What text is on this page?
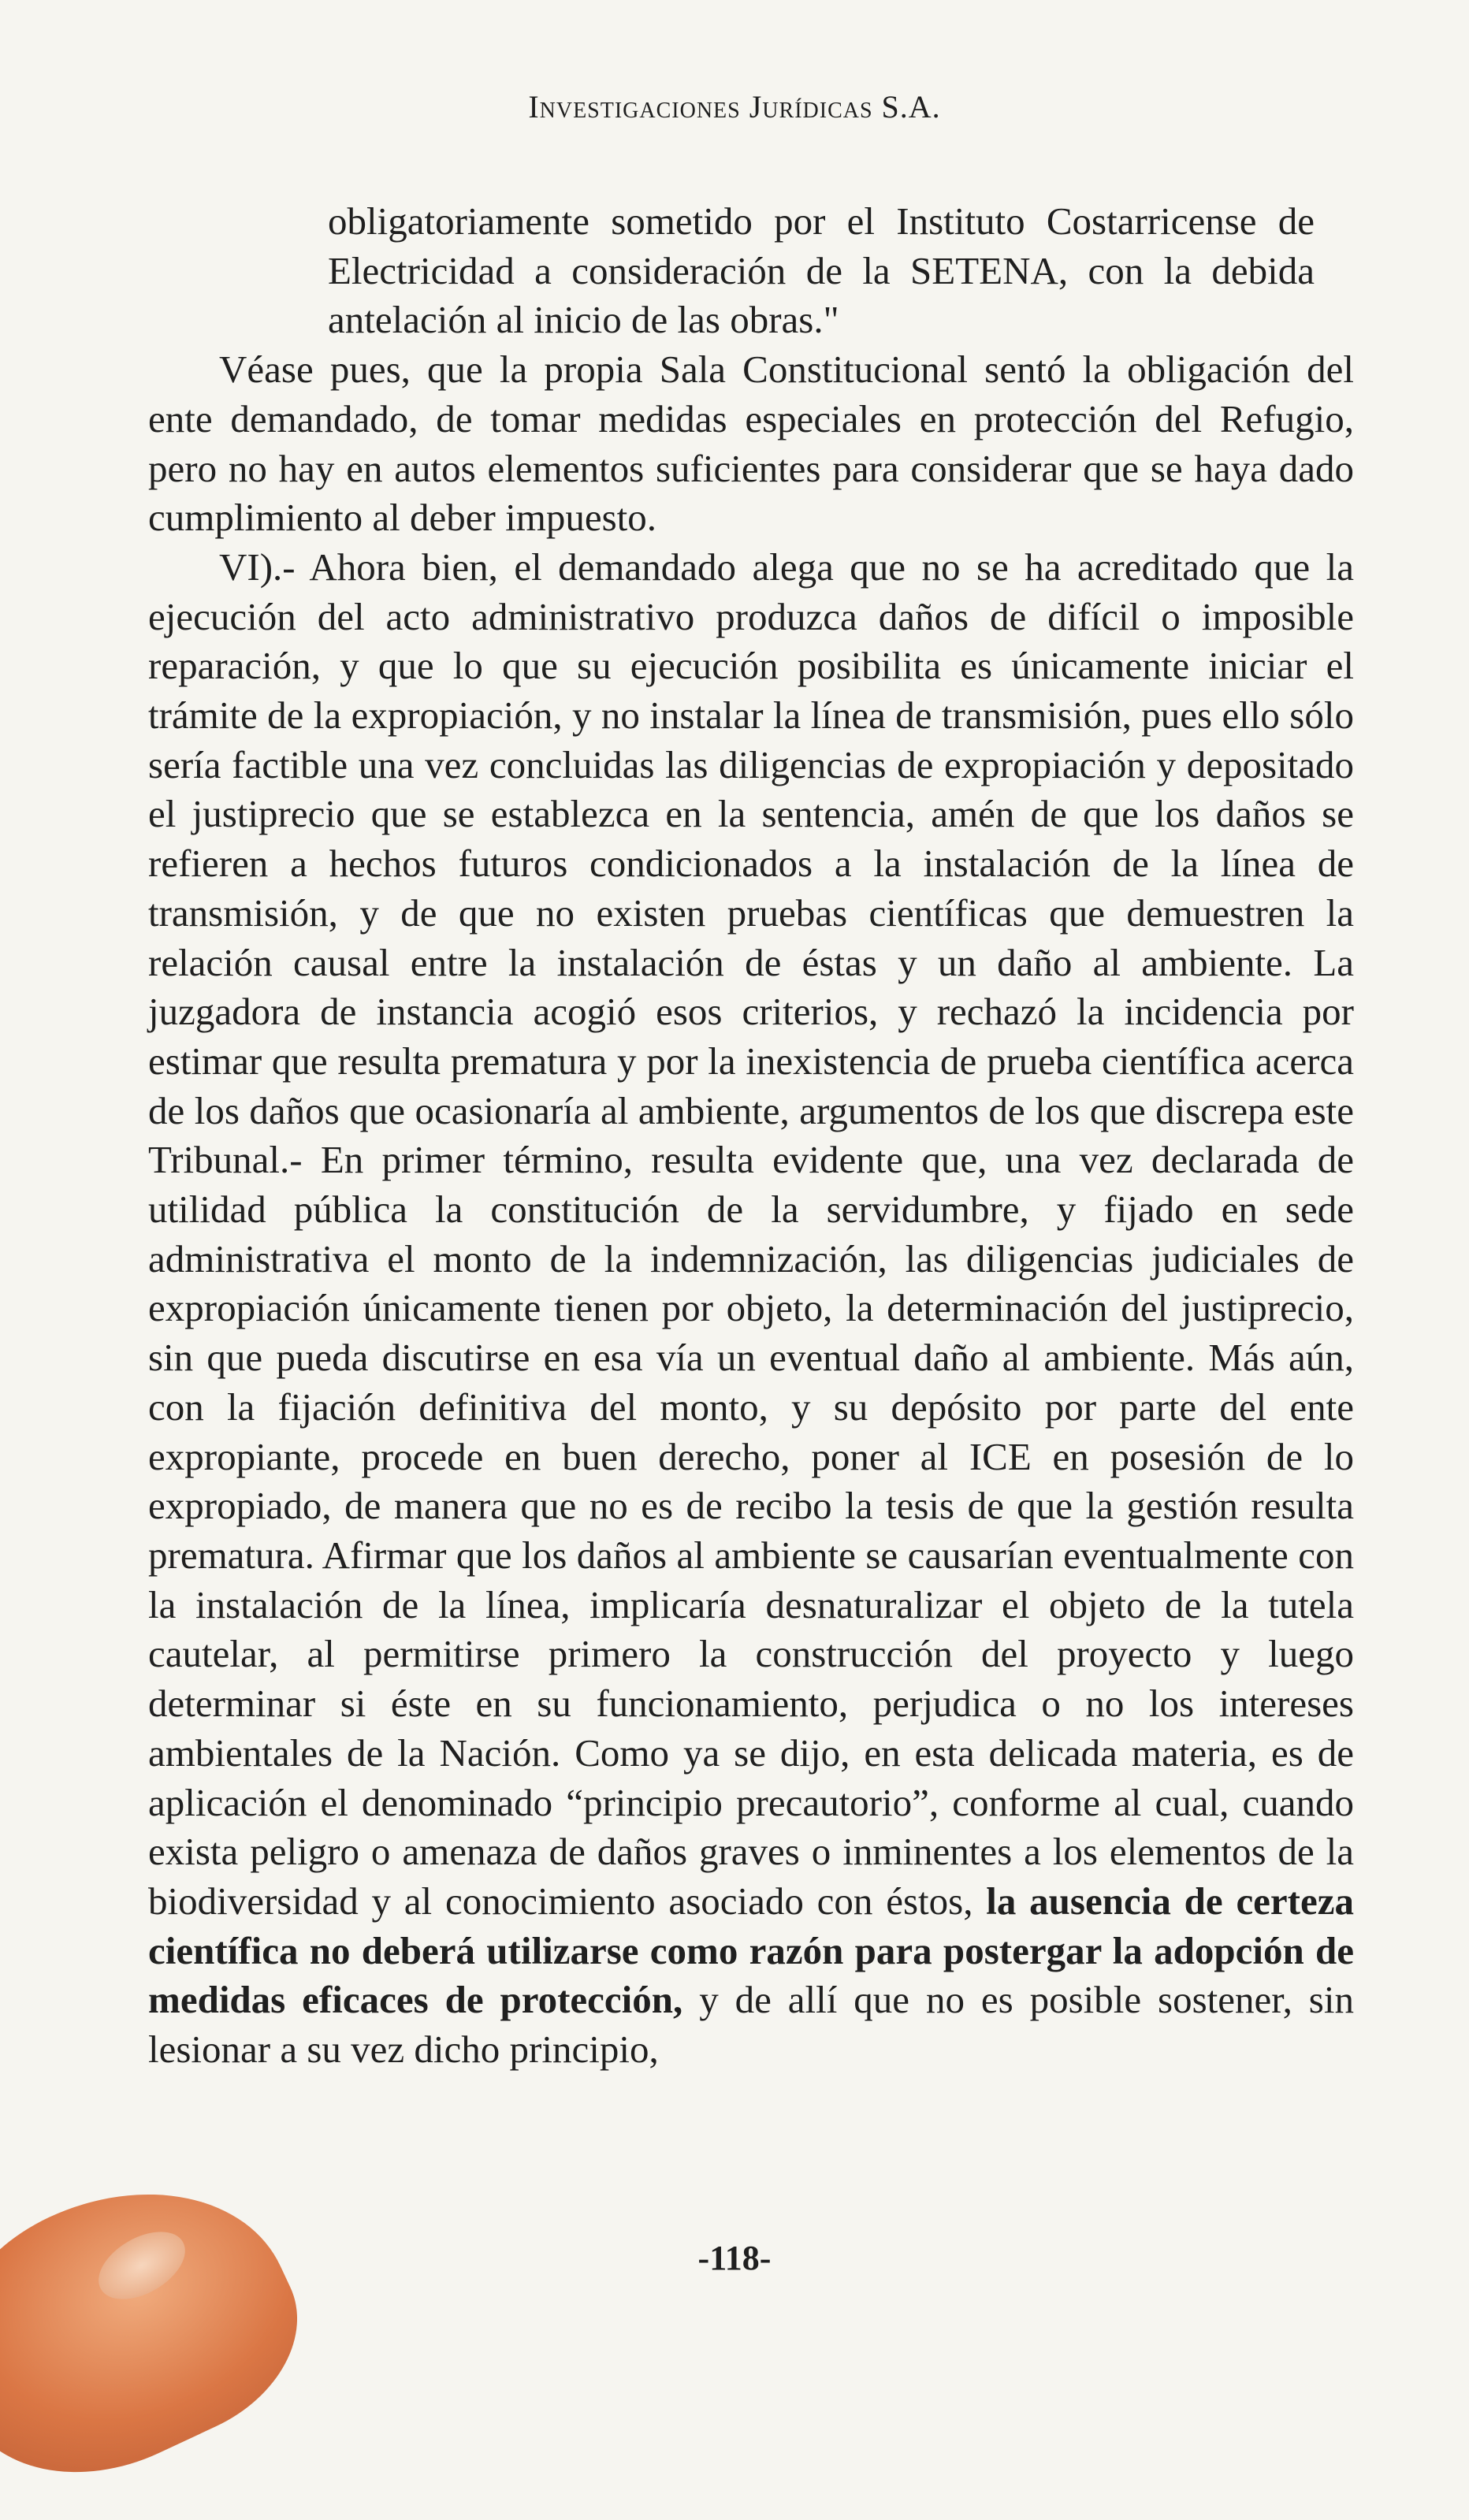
Investigaciones Jurídicas S.A.

obligatoriamente sometido por el Instituto Costarricense de Electricidad a consideración de la SETENA, con la debida antelación al inicio de las obras."

Véase pues, que la propia Sala Constitucional sentó la obligación del ente demandado, de tomar medidas especiales en protección del Refugio, pero no hay en autos elementos suficientes para considerar que se haya dado cumplimiento al deber impuesto.

VI).- Ahora bien, el demandado alega que no se ha acreditado que la ejecución del acto administrativo produzca daños de difícil o imposible reparación, y que lo que su ejecución posibilita es únicamente iniciar el trámite de la expropiación, y no instalar la línea de transmisión, pues ello sólo sería factible una vez concluidas las diligencias de expropiación y depositado el justiprecio que se establezca en la sentencia, amén de que los daños se refieren a hechos futuros condicionados a la instalación de la línea de transmisión, y de que no existen pruebas científicas que demuestren la relación causal entre la instalación de éstas y un daño al ambiente. La juzgadora de instancia acogió esos criterios, y rechazó la incidencia por estimar que resulta prematura y por la inexistencia de prueba científica acerca de los daños que ocasionaría al ambiente, argumentos de los que discrepa este Tribunal.- En primer término, resulta evidente que, una vez declarada de utilidad pública la constitución de la servidumbre, y fijado en sede administrativa el monto de la indemnización, las diligencias judiciales de expropiación únicamente tienen por objeto, la determinación del justiprecio, sin que pueda discutirse en esa vía un eventual daño al ambiente. Más aún, con la fijación definitiva del monto, y su depósito por parte del ente expropiante, procede en buen derecho, poner al ICE en posesión de lo expropiado, de manera que no es de recibo la tesis de que la gestión resulta prematura. Afirmar que los daños al ambiente se causarían eventualmente con la instalación de la línea, implicaría desnaturalizar el objeto de la tutela cautelar, al permitirse primero la construcción del proyecto y luego determinar si éste en su funcionamiento, perjudica o no los intereses ambientales de la Nación. Como ya se dijo, en esta delicada materia, es de aplicación el denominado “principio precautorio”, conforme al cual, cuando exista peligro o amenaza de daños graves o inminentes a los elementos de la biodiversidad y al conocimiento asociado con éstos, la ausencia de certeza científica no deberá utilizarse como razón para postergar la adopción de medidas eficaces de protección, y de allí que no es posible sostener, sin lesionar a su vez dicho principio,

-118-
